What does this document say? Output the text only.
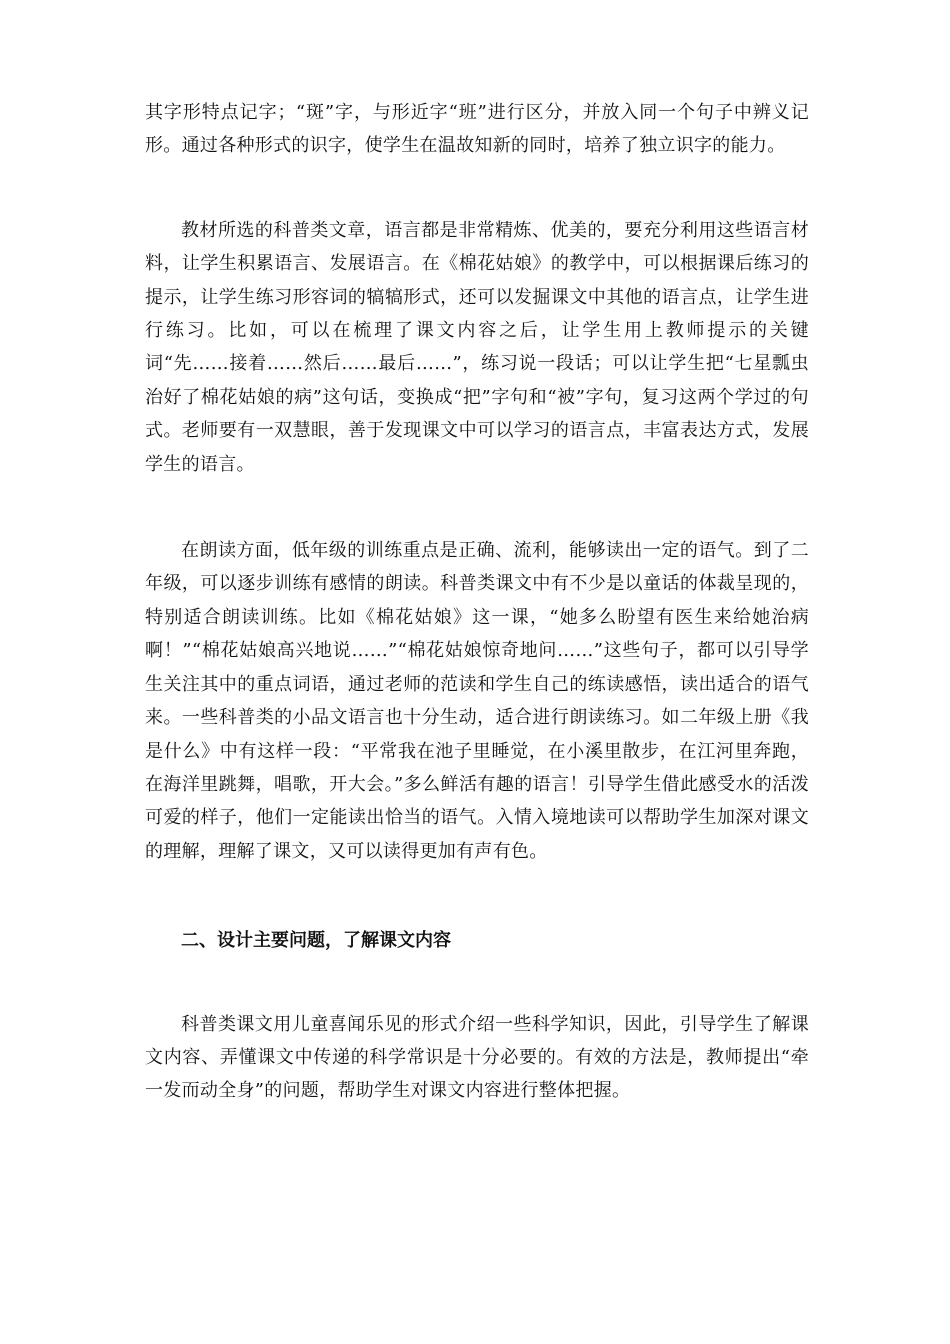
其字形特点记字；“斑”字，与形近字“班”进行区分，并放入同一个句子中辨义记形。通过各种形式的识字，使学生在温故知新的同时，培养了独立识字的能力。

教材所选的科普类文章，语言都是非常精炼、优美的，要充分利用这些语言材料，让学生积累语言、发展语言。在《棉花姑娘》的教学中，可以根据课后练习的提示，让学生练习形容词的犒犒形式，还可以发掘课文中其他的语言点，让学生进行练习。比如，可以在梳理了课文内容之后，让学生用上教师提示的关键词“先……接着……然后……最后……”，练习说一段话；可以让学生把“七星瓢虫治好了棉花姑娘的病”这句话，变换成“把”字句和“被”字句，复习这两个学过的句式。老师要有一双慧眼，善于发现课文中可以学习的语言点，丰富表达方式，发展学生的语言。

在朗读方面，低年级的训练重点是正确、流利，能够读出一定的语气。到了二年级，可以逐步训练有感情的朗读。科普类课文中有不少是以童话的体裁呈现的，特别适合朗读训练。比如《棉花姑娘》这一课，“她多么盼望有医生来给她治病啊！”“棉花姑娘高兴地说……”“棉花姑娘惊奇地问……”这些句子，都可以引导学生关注其中的重点词语，通过老师的范读和学生自己的练读感悟，读出适合的语气来。一些科普类的小品文语言也十分生动，适合进行朗读练习。如二年级上册《我是什么》中有这样一段：“平常我在池子里睡觉，在小溪里散步，在江河里奔跑，在海洋里跳舞，唱歌，开大会。”多么鲜活有趣的语言！引导学生借此感受水的活泼可爱的样子，他们一定能读出恰当的语气。入情入境地读可以帮助学生加深对课文的理解，理解了课文，又可以读得更加有声有色。

二、设计主要问题，了解课文内容

科普类课文用儿童喜闻乐见的形式介绍一些科学知识，因此，引导学生了解课文内容、弄懂课文中传递的科学常识是十分必要的。有效的方法是，教师提出“牵一发而动全身”的问题，帮助学生对课文内容进行整体把握。
